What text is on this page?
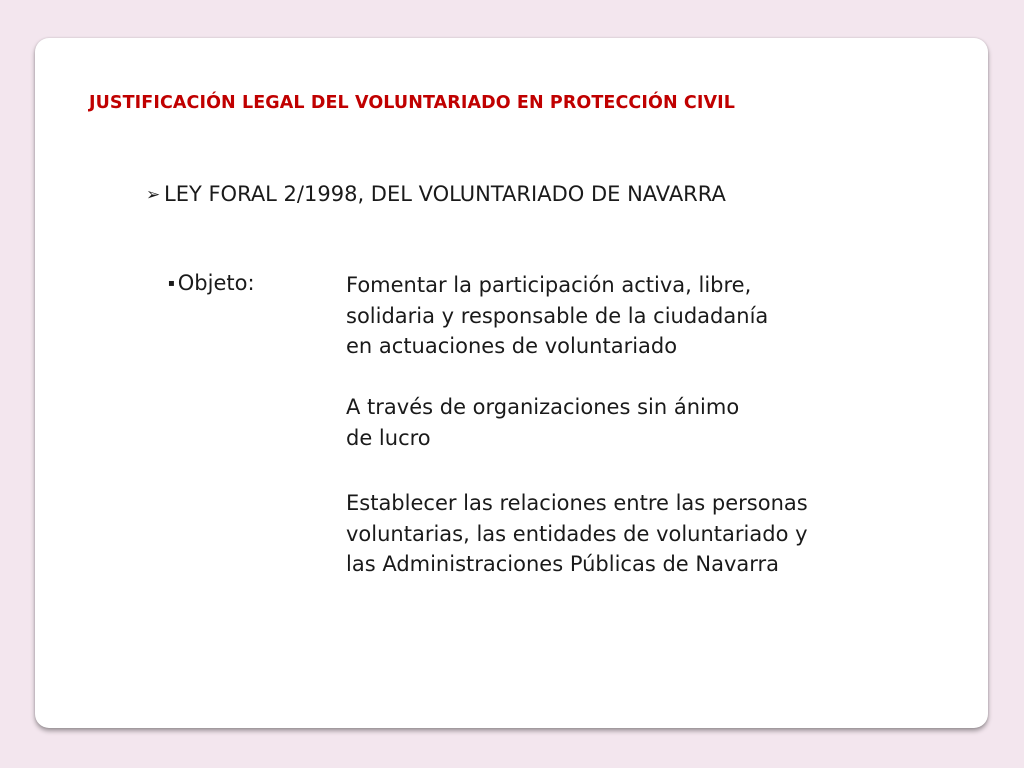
JUSTIFICACIÓN LEGAL DEL VOLUNTARIADO EN PROTECCIÓN CIVIL
➢ LEY FORAL 2/1998, DEL VOLUNTARIADO DE NAVARRA
▪ Objeto:	Fomentar la participación activa, libre,
solidaria y responsable de la ciudadanía
en actuaciones de voluntariado
A través de organizaciones sin ánimo
de lucro
Establecer las relaciones entre las personas
voluntarias, las entidades de voluntariado y
las Administraciones Públicas de Navarra
